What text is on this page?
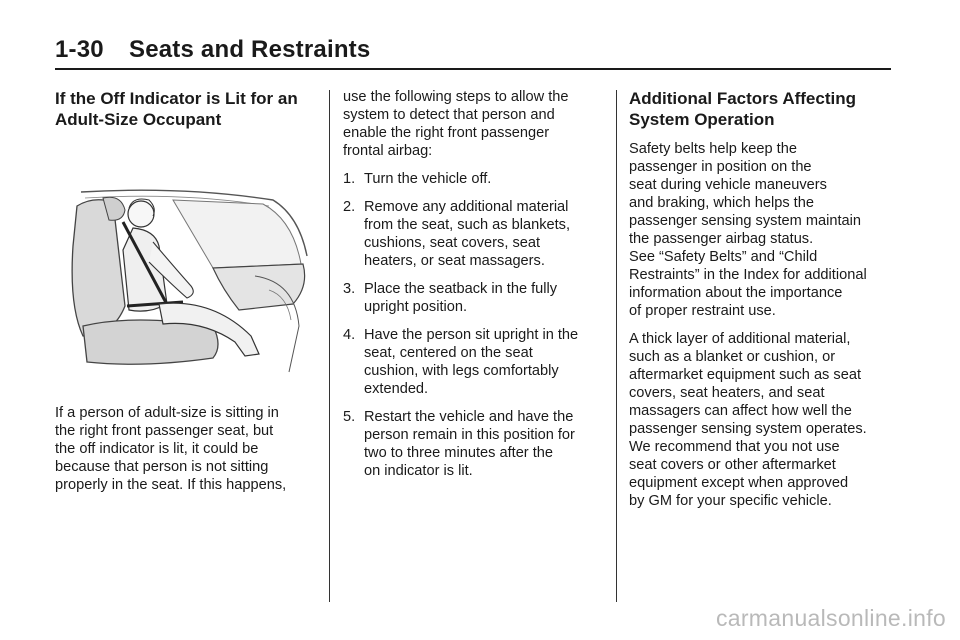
1-30 Seats and Restraints
If the Off Indicator is Lit for an
Adult-Size Occupant

If a person of adult-size is sitting in
the right front passenger seat, but
the off indicator is lit, it could be
because that person is not sitting
properly in the seat. If this happens,

use the following steps to allow the
system to detect that person and
enable the right front passenger
frontal airbag:

1. Turn the vehicle off.
2. Remove any additional material
from the seat, such as blankets,
cushions, seat covers, seat
heaters, or seat massagers.
3. Place the seatback in the fully
upright position.
4. Have the person sit upright in the
seat, centered on the seat
cushion, with legs comfortably
extended.
5. Restart the vehicle and have the
person remain in this position for
two to three minutes after the
on indicator is lit.
Additional Factors Affecting
System Operation

Safety belts help keep the
passenger in position on the
seat during vehicle maneuvers
and braking, which helps the
passenger sensing system maintain
the passenger airbag status.
See “Safety Belts” and “Child
Restraints” in the Index for additional
information about the importance
of proper restraint use.

A thick layer of additional material,
such as a blanket or cushion, or
aftermarket equipment such as seat
covers, seat heaters, and seat
massagers can affect how well the
passenger sensing system operates.
We recommend that you not use
seat covers or other aftermarket
equipment except when approved
by GM for your specific vehicle.

carmanualsonline.info
